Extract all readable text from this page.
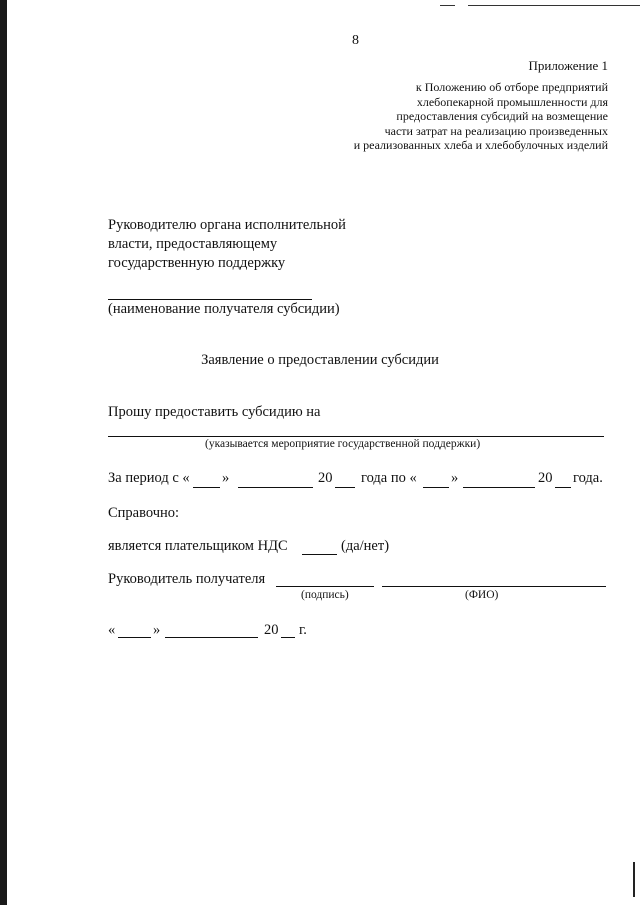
8
Приложение 1
к Положению об отборе предприятий
хлебопекарной промышленности для
предоставления субсидий на возмещение
части затрат на реализацию произведенных
и реализованных хлеба и хлебобулочных изделий
Руководителю органа исполнительной
власти, предоставляющему
государственную поддержку
(наименование получателя субсидии)
Заявление о предоставлении субсидии
Прошу предоставить субсидию на
(указывается мероприятие государственной поддержки)
За период с « »	20 года по « »	20 года.
Справочно:
является плательщиком НДС	(да/нет)
Руководитель получателя
(подпись)	(ФИО)
«	»	20 г.
